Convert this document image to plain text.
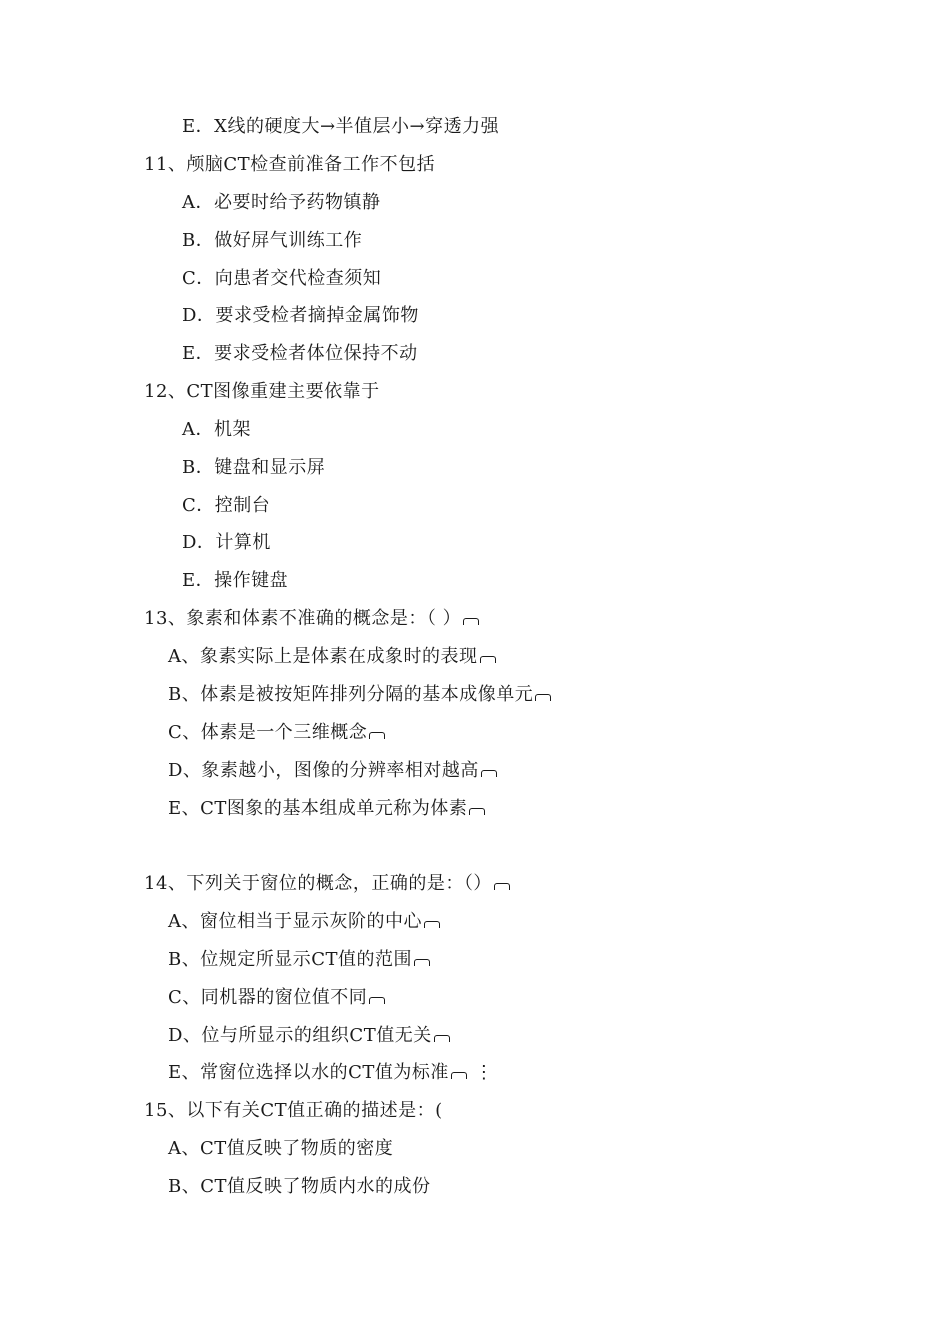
E．X线的硬度大→半值层小→穿透力强
11、颅脑CT检查前准备工作不包括
A．必要时给予药物镇静
B．做好屏气训练工作
C．向患者交代检查须知
D．要求受检者摘掉金属饰物
E．要求受检者体位保持不动
12、CT图像重建主要依靠于
A．机架
B．键盘和显示屏
C．控制台
D．计算机
E．操作键盘
13、象素和体素不准确的概念是：（ ）
A、象素实际上是体素在成象时的表现
B、体素是被按矩阵排列分隔的基本成像单元
C、体素是一个三维概念
D、象素越小，图像的分辨率相对越高
E、CT图象的基本组成单元称为体素
14、下列关于窗位的概念，正确的是：（）
A、窗位相当于显示灰阶的中心
B、位规定所显示CT值的范围
C、同机器的窗位值不同
D、位与所显示的组织CT值无关
E、常窗位选择以水的CT值为标准 ⋮
15、以下有关CT值正确的描述是：(
A、CT值反映了物质的密度
B、CT值反映了物质内水的成份
